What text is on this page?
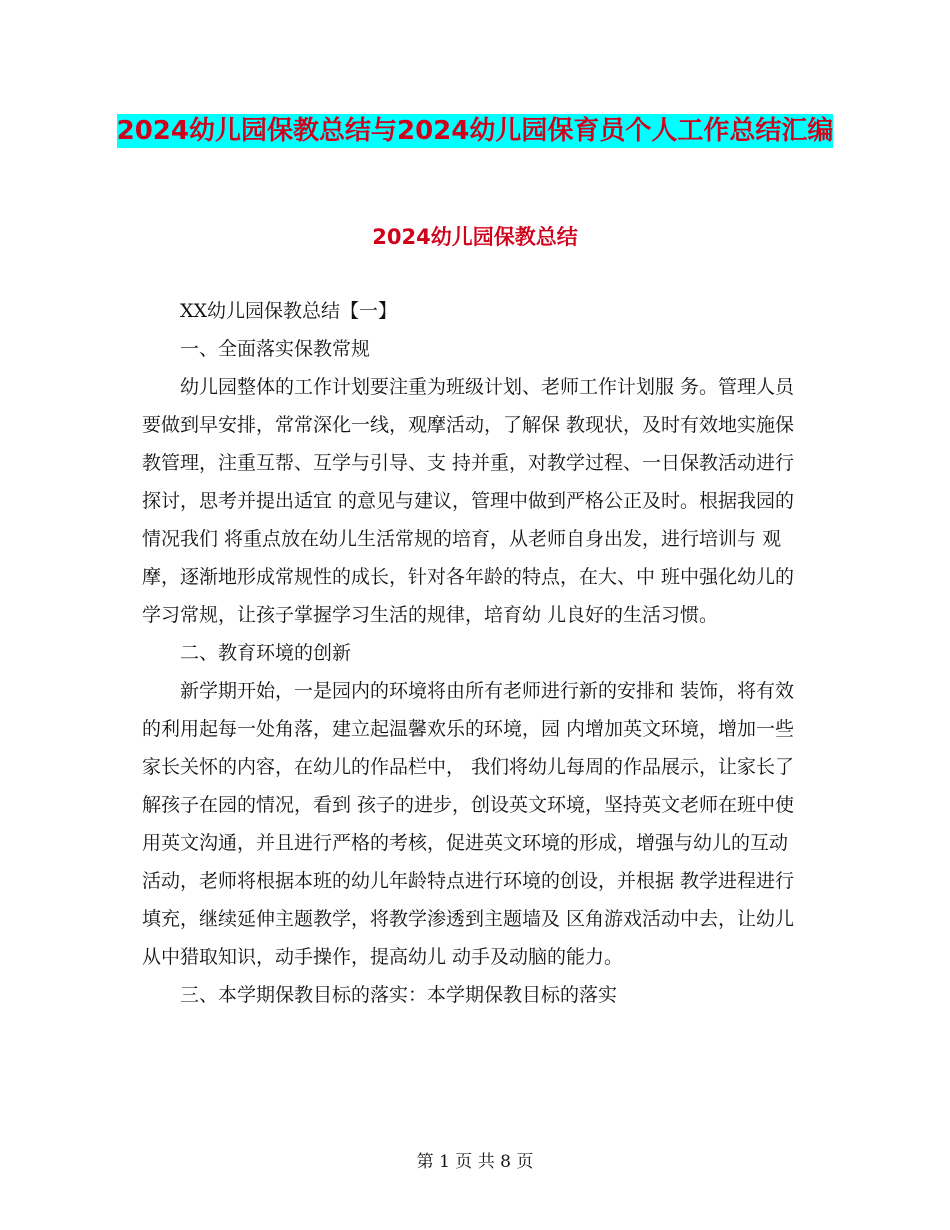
2024幼儿园保教总结与2024幼儿园保育员个人工作总结汇编
2024幼儿园保教总结

XX幼儿园保教总结【一】

一、全面落实保教常规

幼儿园整体的工作计划要注重为班级计划、老师工作计划服 务。管理人员要做到早安排，常常深化一线，观摩活动，了解保 教现状，及时有效地实施保教管理，注重互帮、互学与引导、支 持并重，对教学过程、一日保教活动进行探讨，思考并提出适宜 的意见与建议，管理中做到严格公正及时。根据我园的情况我们 将重点放在幼儿生活常规的培育，从老师自身出发，进行培训与 观摩，逐渐地形成常规性的成长，针对各年龄的特点，在大、中 班中强化幼儿的学习常规，让孩子掌握学习生活的规律，培育幼 儿良好的生活习惯。

二、教育环境的创新

新学期开始，一是园内的环境将由所有老师进行新的安排和 装饰，将有效的利用起每一处角落，建立起温馨欢乐的环境，园 内增加英文环境，增加一些家长关怀的内容，在幼儿的作品栏中， 我们将幼儿每周的作品展示，让家长了解孩子在园的情况，看到 孩子的进步，创设英文环境，坚持英文老师在班中使用英文沟通，并且进行严格的考核，促进英文环境的形成，增强与幼儿的互动 活动，老师将根据本班的幼儿年龄特点进行环境的创设，并根据 教学进程进行填充，继续延伸主题教学，将教学渗透到主题墙及 区角游戏活动中去，让幼儿从中猎取知识，动手操作，提高幼儿 动手及动脑的能力。

三、本学期保教目标的落实：本学期保教目标的落实

第 1 页 共 8 页
